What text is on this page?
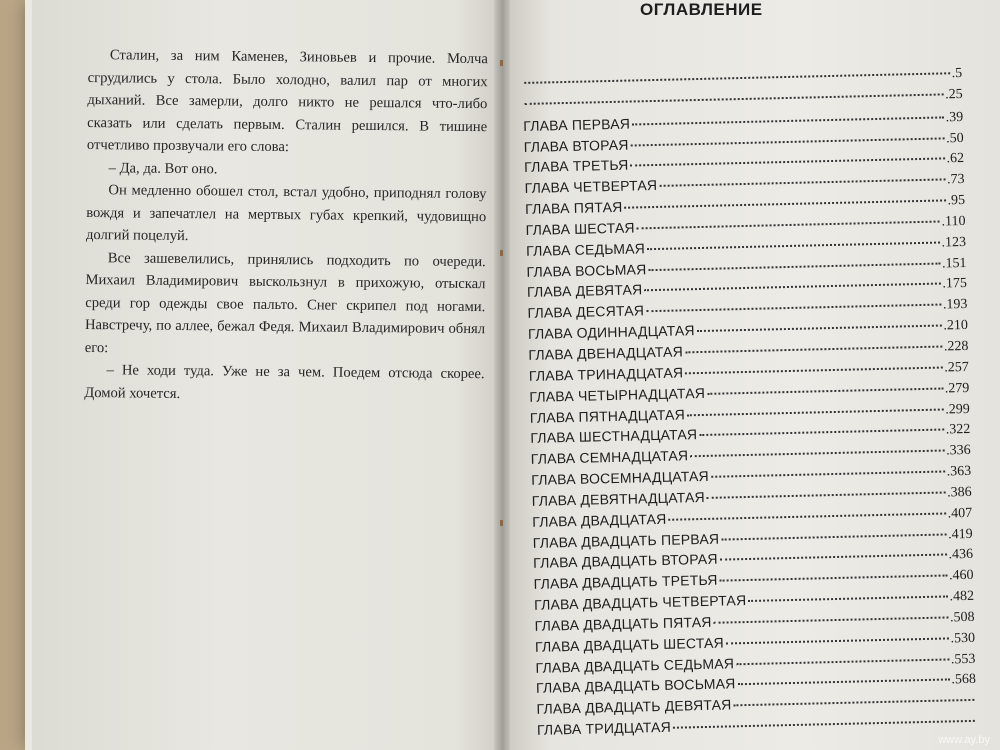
Сталин, за ним Каменев, Зиновьев и прочие. Молча сгрудились у стола. Было холодно, валил пар от многих дыханий. Все замерли, долго никто не решался что-либо сказать или сделать первым. Сталин решился. В тишине отчетливо прозвучали его слова:

– Да, да. Вот оно.

Он медленно обошел стол, встал удобно, приподнял голову вождя и запечатлел на мертвых губах крепкий, чудовищно долгий поцелуй.

Все зашевелились, принялись подходить по очереди. Михаил Владимирович выскользнул в прихожую, отыскал среди гор одежды свое пальто. Снег скрипел под ногами. Навстречу, по аллее, бежал Федя. Михаил Владимирович обнял его:

– Не ходи туда. Уже не за чем. Поедем отсюда скорее. Домой хочется.

ОГЛАВЛЕНИЕ
.5
.25
ГЛАВА ПЕРВАЯ	.39
ГЛАВА ВТОРАЯ	.50
ГЛАВА ТРЕТЬЯ	.62
ГЛАВА ЧЕТВЕРТАЯ	.73
ГЛАВА ПЯТАЯ	.95
ГЛАВА ШЕСТАЯ	.110
ГЛАВА СЕДЬМАЯ	.123
ГЛАВА ВОСЬМАЯ	.151
ГЛАВА ДЕВЯТАЯ	.175
ГЛАВА ДЕСЯТАЯ	.193
ГЛАВА ОДИННАДЦАТАЯ	.210
ГЛАВА ДВЕНАДЦАТАЯ	.228
ГЛАВА ТРИНАДЦАТАЯ	.257
ГЛАВА ЧЕТЫРНАДЦАТАЯ	.279
ГЛАВА ПЯТНАДЦАТАЯ	.299
ГЛАВА ШЕСТНАДЦАТАЯ	.322
ГЛАВА СЕМНАДЦАТАЯ	.336
ГЛАВА ВОСЕМНАДЦАТАЯ	.363
ГЛАВА ДЕВЯТНАДЦАТАЯ	.386
ГЛАВА ДВАДЦАТАЯ	.407
ГЛАВА ДВАДЦАТЬ ПЕРВАЯ	.419
ГЛАВА ДВАДЦАТЬ ВТОРАЯ	.436
ГЛАВА ДВАДЦАТЬ ТРЕТЬЯ	.460
ГЛАВА ДВАДЦАТЬ ЧЕТВЕРТАЯ	.482
ГЛАВА ДВАДЦАТЬ ПЯТАЯ	.508
ГЛАВА ДВАДЦАТЬ ШЕСТАЯ	.530
ГЛАВА ДВАДЦАТЬ СЕДЬМАЯ	.553
ГЛАВА ДВАДЦАТЬ ВОСЬМАЯ	.568
ГЛАВА ДВАДЦАТЬ ДЕВЯТАЯ
ГЛАВА ТРИДЦАТАЯ
www.ay.by
